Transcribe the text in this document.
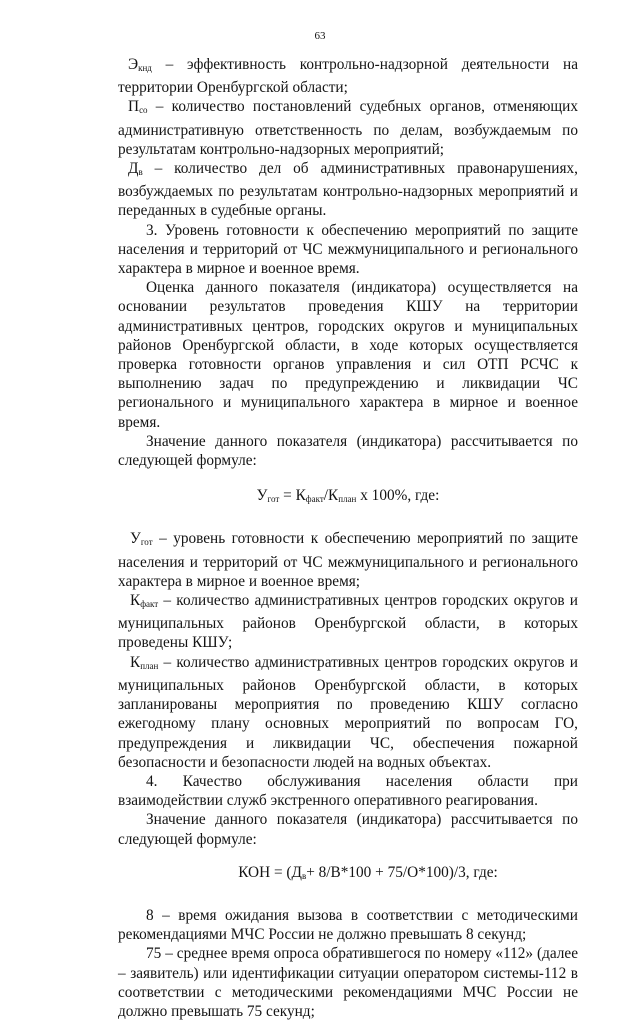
63

$Э_{кнд}$ – эффективность контрольно-надзорной деятельности на территории Оренбургской области;

$П_{со}$ – количество постановлений судебных органов, отменяющих административную ответственность по делам, возбуждаемым по результатам контрольно-надзорных мероприятий;

$Д_в$ – количество дел об административных правонарушениях, возбуждаемых по результатам контрольно-надзорных мероприятий и переданных в судебные органы.

3. Уровень готовности к обеспечению мероприятий по защите населения и территорий от ЧС межмуниципального и регионального характера в мирное и военное время.

Оценка данного показателя (индикатора) осуществляется на основании результатов проведения КШУ на территории административных центров, городских округов и муниципальных районов Оренбургской области, в ходе которых осуществляется проверка готовности органов управления и сил ОТП РСЧС к выполнению задач по предупреждению и ликвидации ЧС регионального и муниципального характера в мирное и военное время.

Значение данного показателя (индикатора) рассчитывается по следующей формуле:

$У_{гот} = К_{факт}/К_{план}$ x 100%, где:

$У_{гот}$ – уровень готовности к обеспечению мероприятий по защите населения и территорий от ЧС межмуниципального и регионального характера в мирное и военное время;

$К_{факт}$ – количество административных центров городских округов и муниципальных районов Оренбургской области, в которых проведены КШУ;

$К_{план}$ – количество административных центров городских округов и муниципальных районов Оренбургской области, в которых запланированы мероприятия по проведению КШУ согласно ежегодному плану основных мероприятий по вопросам ГО, предупреждения и ликвидации ЧС, обеспечения пожарной безопасности и безопасности людей на водных объектах.

4. Качество обслуживания населения области при взаимодействии служб экстренного оперативного реагирования.

Значение данного показателя (индикатора) рассчитывается по следующей формуле:

КОН = $(Д_в+ 8/В*100 + 75/О*100)/3$, где:

8 – время ожидания вызова в соответствии с методическими рекомендациями МЧС России не должно превышать 8 секунд;

75 – среднее время опроса обратившегося по номеру «112» (далее – заявитель) или идентификации ситуации оператором системы-112 в соответствии с методическими рекомендациями МЧС России не должно превышать 75 секунд;
